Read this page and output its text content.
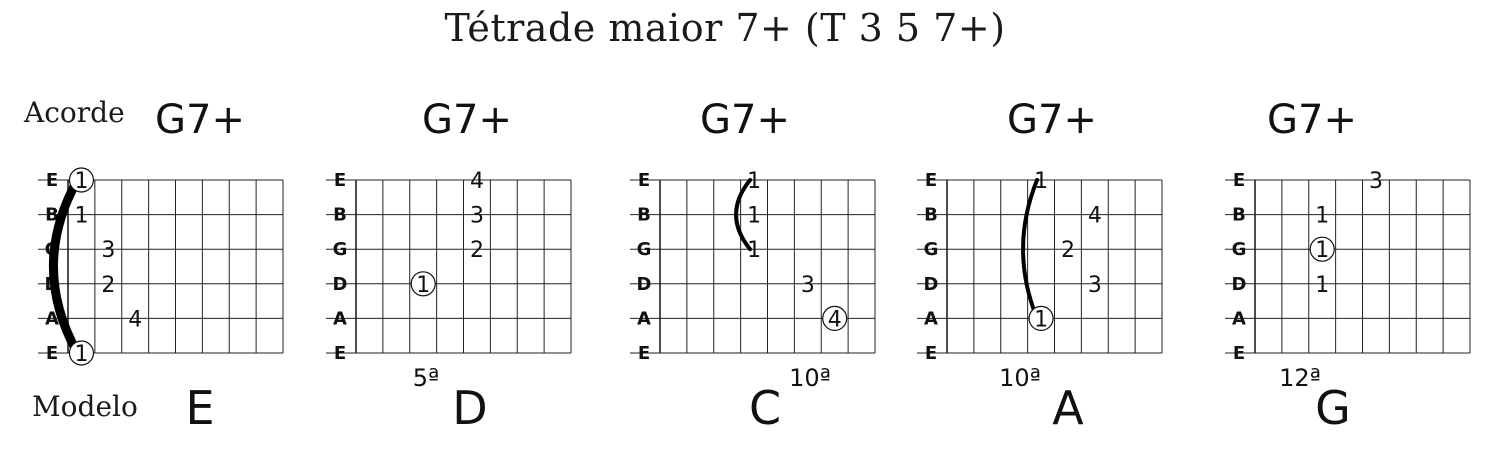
Tétrade maior 7+ (T 3 5 7+)
Acorde
Modelo
G7+	G7+	G7+	G7+	G7+
E	D	C	A	G
5ª	10ª	10ª	12ª
E
B
G
D
A
E
1
1
3
2
4
1
E
B
G
D
A
E
4
3
2
1
E
B
G
D
A
E
1
1
1
3
4
E
B
G
D
A
E
1
4
2
3
1
E
B
G
D
A
E
3
1
1
1
